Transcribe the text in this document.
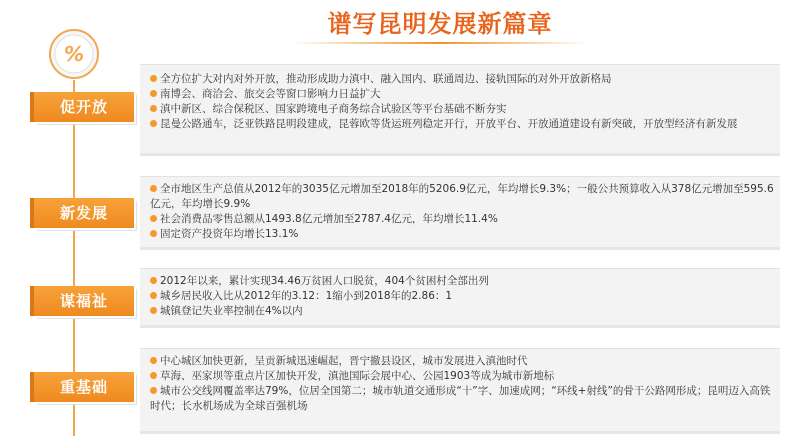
谱写昆明发展新篇章
%
促开放

全方位扩大对内对外开放，推动形成助力滇中、融入国内、联通周边、接轨国际的对外开放新格局

南博会、商洽会、旅交会等窗口影响力日益扩大

滇中新区、综合保税区、国家跨境电子商务综合试验区等平台基础不断夯实

昆曼公路通车，泛亚铁路昆明段建成，昆蓉欧等货运班列稳定开行，开放平台、开放通道建设有新突破，开放型经济有新发展

新发展

全市地区生产总值从2012年的3035亿元增加至2018年的5206.9亿元，年均增长9.3%；一般公共预算收入从378亿元增加至595.6亿元，年均增长9.9%

社会消费品零售总额从1493.8亿元增加至2787.4亿元，年均增长11.4%

固定资产投资年均增长13.1%

谋福祉

2012年以来，累计实现34.46万贫困人口脱贫，404个贫困村全部出列

城乡居民收入比从2012年的3.12：1缩小到2018年的2.86：1

城镇登记失业率控制在4%以内

重基础

中心城区加快更新，呈贡新城迅速崛起，晋宁撤县设区，城市发展进入滇池时代

草海、巫家坝等重点片区加快开发，滇池国际会展中心、公园1903等成为城市新地标

城市公交线网覆盖率达79%，位居全国第二；城市轨道交通形成“十”字、加速成网；“环线+射线”的骨干公路网形成；昆明迈入高铁时代；长水机场成为全球百强机场
